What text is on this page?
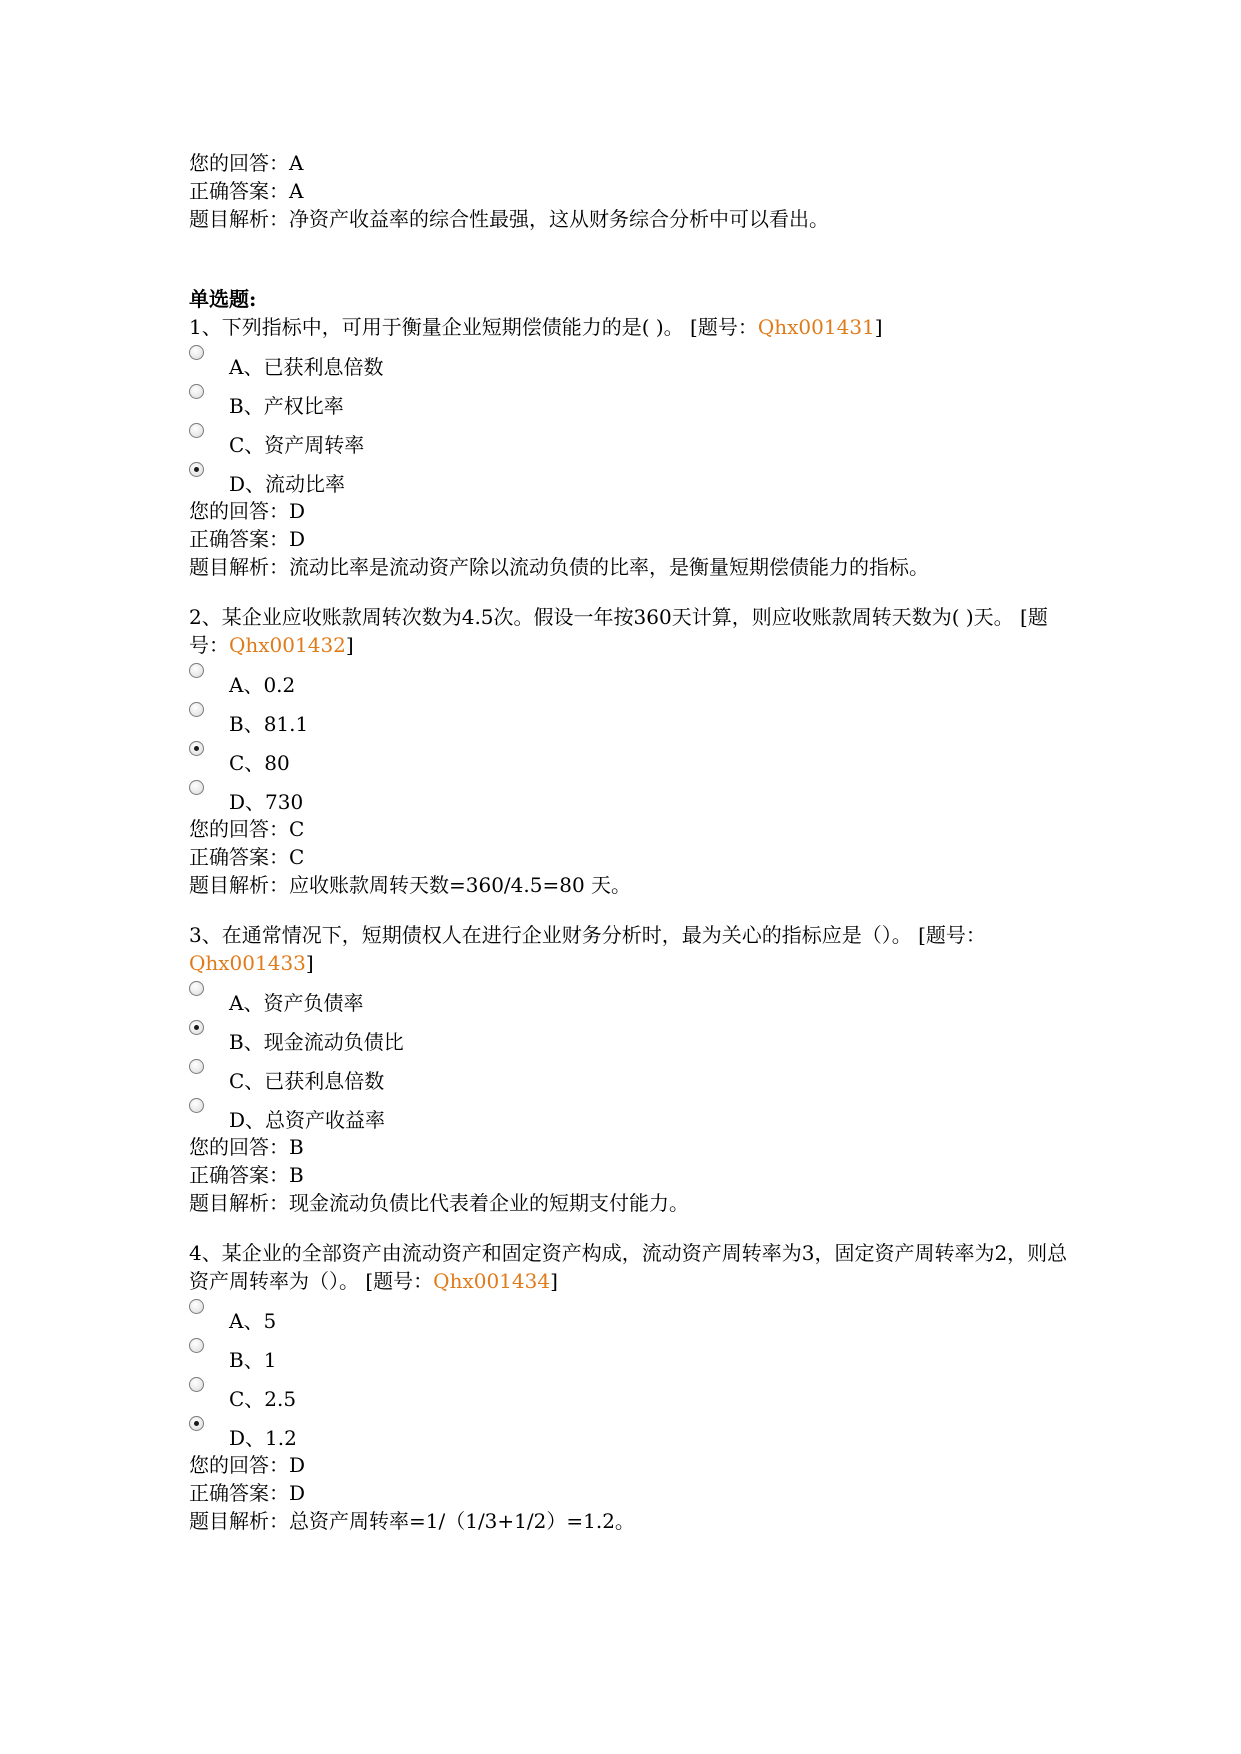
您的回答：A
正确答案：A
题目解析：净资产收益率的综合性最强，这从财务综合分析中可以看出。
单选题:
1、下列指标中，可用于衡量企业短期偿债能力的是( )。 [题号：Qhx001431]
A、已获利息倍数
B、产权比率
C、资产周转率
D、流动比率
您的回答：D
正确答案：D
题目解析：流动比率是流动资产除以流动负债的比率，是衡量短期偿债能力的指标。
2、某企业应收账款周转次数为4.5次。假设一年按360天计算，则应收账款周转天数为( )天。 [题号：Qhx001432]
A、0.2
B、81.1
C、80
D、730
您的回答：C
正确答案：C
题目解析：应收账款周转天数=360/4.5=80 天。
3、在通常情况下，短期债权人在进行企业财务分析时，最为关心的指标应是（）。 [题号：Qhx001433]
A、资产负债率
B、现金流动负债比
C、已获利息倍数
D、总资产收益率
您的回答：B
正确答案：B
题目解析：现金流动负债比代表着企业的短期支付能力。
4、某企业的全部资产由流动资产和固定资产构成，流动资产周转率为3，固定资产周转率为2，则总资产周转率为（）。 [题号：Qhx001434]
A、5
B、1
C、2.5
D、1.2
您的回答：D
正确答案：D
题目解析：总资产周转率=1/（1/3+1/2）=1.2。
